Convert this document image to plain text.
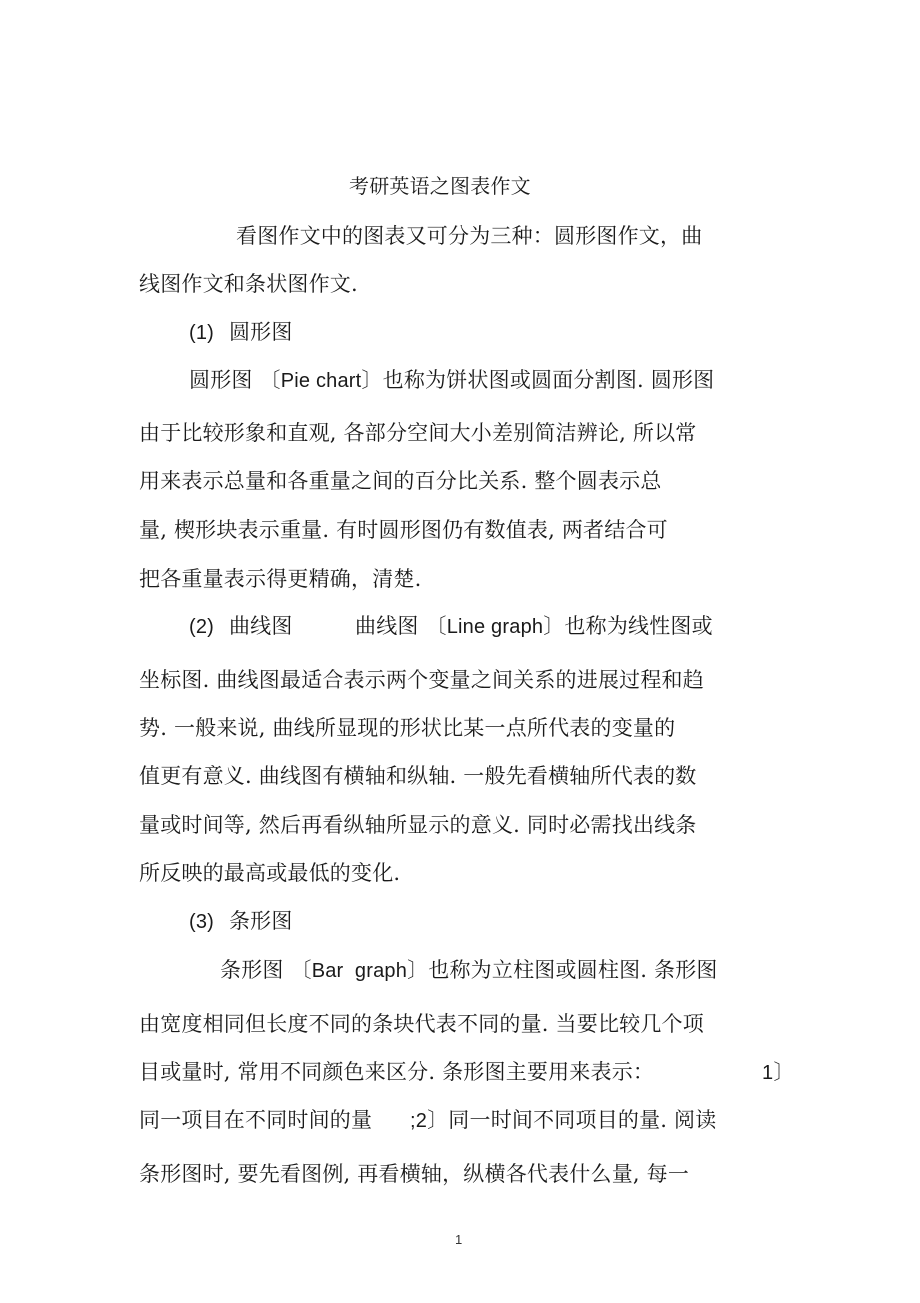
考研英语之图表作文
看图作文中的图表又可分为三种：圆形图作文，曲
线图作文和条状图作文.
(1) 圆形图
圆形图 〔Pie chart〕也称为饼状图或圆面分割图. 圆形图
由于比较形象和直观, 各部分空间大小差别简洁辨论, 所以常
用来表示总量和各重量之间的百分比关系. 整个圆表示总
量, 楔形块表示重量. 有时圆形图仍有数值表, 两者结合可
把各重量表示得更精确，清楚.
(2) 曲线图	曲线图 〔Line graph〕也称为线性图或
坐标图. 曲线图最适合表示两个变量之间关系的进展过程和趋
势. 一般来说, 曲线所显现的形状比某一点所代表的变量的
值更有意义. 曲线图有横轴和纵轴. 一般先看横轴所代表的数
量或时间等, 然后再看纵轴所显示的意义. 同时必需找出线条
所反映的最高或最低的变化.
(3) 条形图
条形图 〔Bar  graph〕也称为立柱图或圆柱图. 条形图
由宽度相同但长度不同的条块代表不同的量. 当要比较几个项
目或量时, 常用不同颜色来区分. 条形图主要用来表示：	1〕
同一项目在不同时间的量 ;2〕同一时间不同项目的量. 阅读
条形图时, 要先看图例, 再看横轴，纵横各代表什么量, 每一
1
